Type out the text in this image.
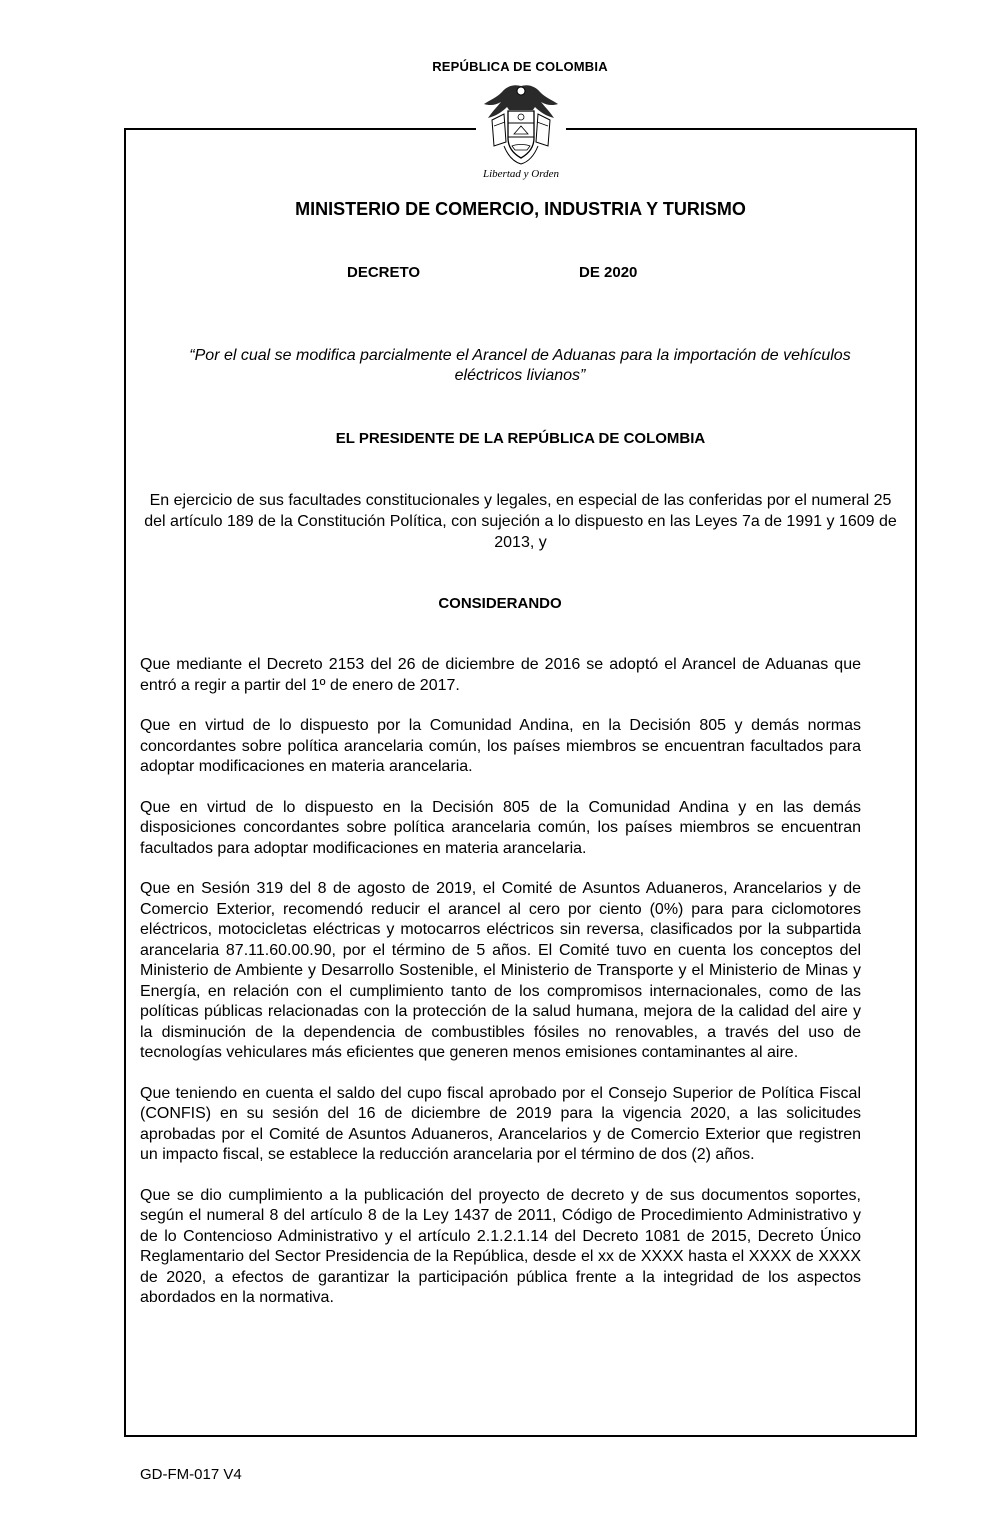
REPÚBLICA DE COLOMBIA
Libertad y Orden
MINISTERIO DE COMERCIO, INDUSTRIA Y TURISMO
DECRETO	DE 2020
“Por el cual se modifica parcialmente el Arancel de Aduanas para la importación de vehículos eléctricos livianos”
EL PRESIDENTE DE LA REPÚBLICA DE COLOMBIA
En ejercicio de sus facultades constitucionales y legales, en especial de las conferidas por el numeral 25 del artículo 189 de la Constitución Política, con sujeción a lo dispuesto en las Leyes 7a de 1991 y 1609 de 2013, y
CONSIDERANDO

Que mediante el Decreto 2153 del 26 de diciembre de 2016 se adoptó el Arancel de Aduanas que entró a regir a partir del 1º de enero de 2017.

Que en virtud de lo dispuesto por la Comunidad Andina, en la Decisión 805 y demás normas concordantes sobre política arancelaria común, los países miembros se encuentran facultados para adoptar modificaciones en materia arancelaria.

Que en virtud de lo dispuesto en la Decisión 805 de la Comunidad Andina y en las demás disposiciones concordantes sobre política arancelaria común, los países miembros se encuentran facultados para adoptar modificaciones en materia arancelaria.

Que en Sesión 319 del 8 de agosto de 2019, el Comité de Asuntos Aduaneros, Arancelarios y de Comercio Exterior, recomendó reducir el arancel al cero por ciento (0%) para para ciclomotores eléctricos, motocicletas eléctricas y motocarros eléctricos sin reversa, clasificados por la subpartida arancelaria 87.11.60.00.90, por el término de 5 años. El Comité tuvo en cuenta los conceptos del Ministerio de Ambiente y Desarrollo Sostenible, el Ministerio de Transporte y el Ministerio de Minas y Energía, en relación con el cumplimiento tanto de los compromisos internacionales, como de las políticas públicas relacionadas con la protección de la salud humana, mejora de la calidad del aire y la disminución de la dependencia de combustibles fósiles no renovables, a través del uso de tecnologías vehiculares más eficientes que generen menos emisiones contaminantes al aire.

Que teniendo en cuenta el saldo del cupo fiscal aprobado por el Consejo Superior de Política Fiscal (CONFIS) en su sesión del 16 de diciembre de 2019 para la vigencia 2020, a las solicitudes aprobadas por el Comité de Asuntos Aduaneros, Arancelarios y de Comercio Exterior que registren un impacto fiscal, se establece la reducción arancelaria por el término de dos (2) años.

Que se dio cumplimiento a la publicación del proyecto de decreto y de sus documentos soportes, según el numeral 8 del artículo 8 de la Ley 1437 de 2011, Código de Procedimiento Administrativo y de lo Contencioso Administrativo y el artículo 2.1.2.1.14 del Decreto 1081 de 2015, Decreto Único Reglamentario del Sector Presidencia de la República, desde el xx de XXXX hasta el XXXX de XXXX de 2020, a efectos de garantizar la participación pública frente a la integridad de los aspectos abordados en la normativa.

GD-FM-017 V4
